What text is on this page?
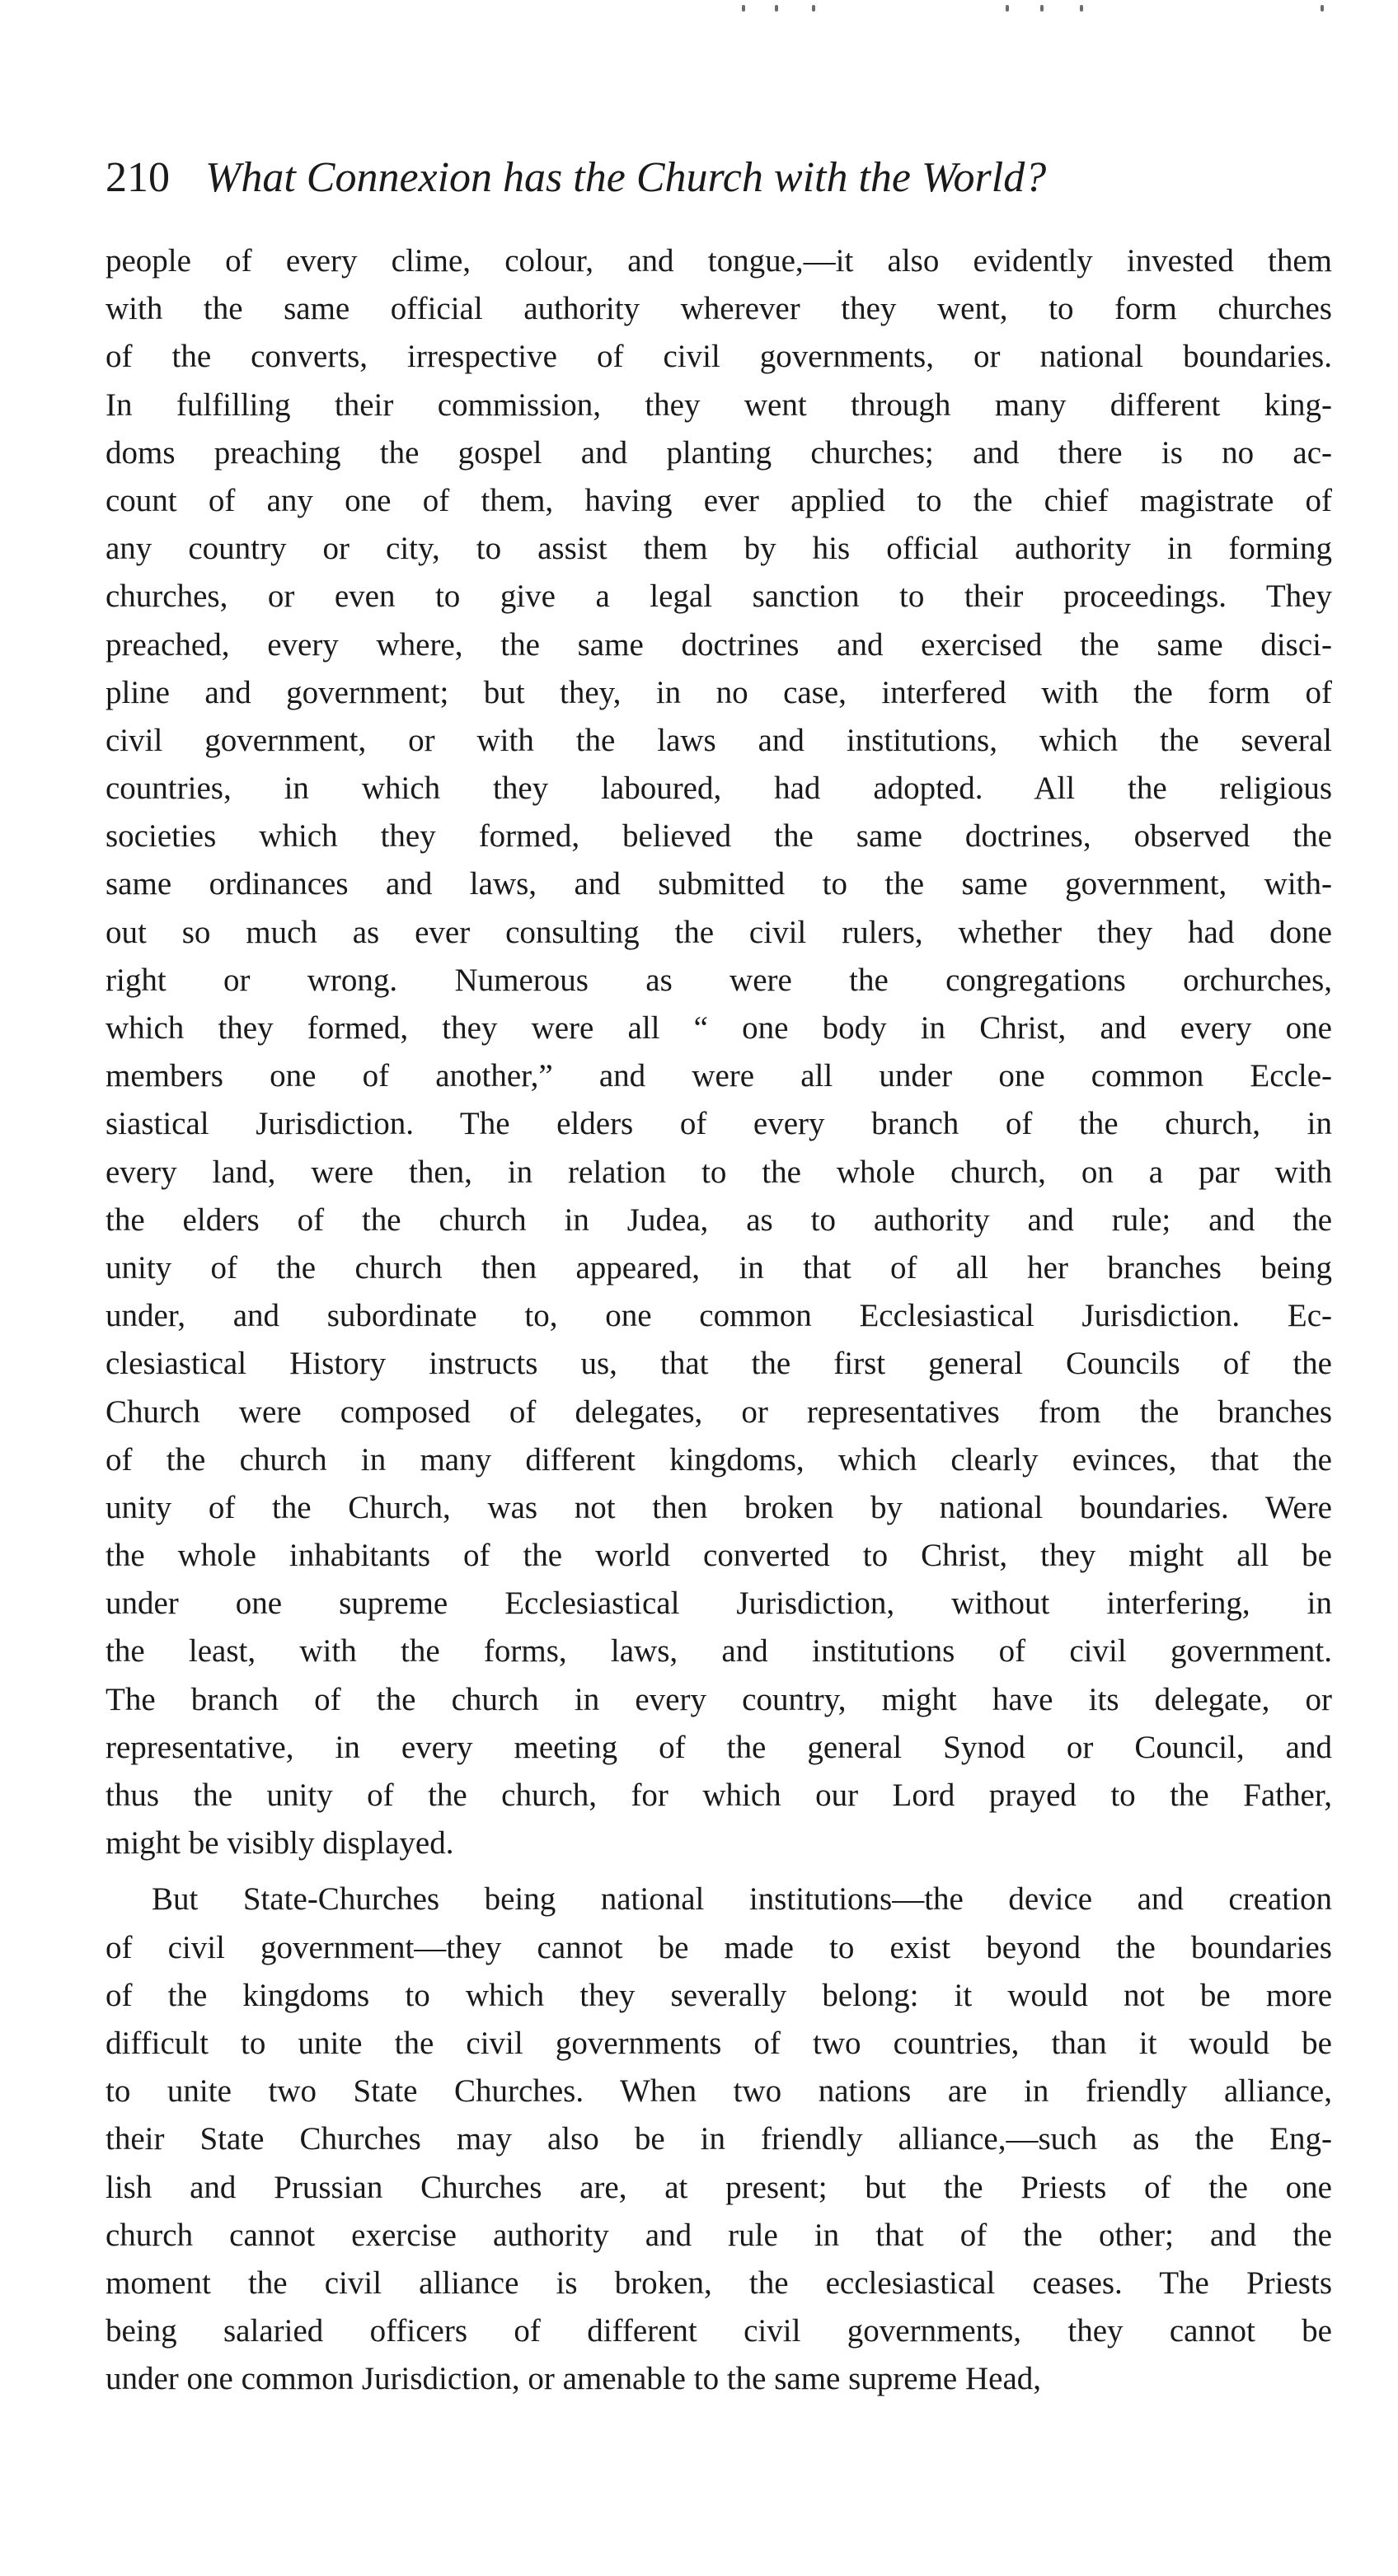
210 What Connexion has the Church with the World?
people of every clime, colour, and tongue,—it also evidently invested them
with the same official authority wherever they went, to form churches
of the converts, irrespective of civil governments, or national boundaries.
In fulfilling their commission, they went through many different king-
doms preaching the gospel and planting churches; and there is no ac-
count of any one of them, having ever applied to the chief magistrate of
any country or city, to assist them by his official authority in forming
churches, or even to give a legal sanction to their proceedings. They
preached, every where, the same doctrines and exercised the same disci-
pline and government; but they, in no case, interfered with the form of
civil government, or with the laws and institutions, which the several
countries, in which they laboured, had adopted. All the religious
societies which they formed, believed the same doctrines, observed the
same ordinances and laws, and submitted to the same government, with-
out so much as ever consulting the civil rulers, whether they had done
right or wrong. Numerous as were the congregations orchurches,
which they formed, they were all “ one body in Christ, and every one
members one of another,” and were all under one common Eccle-
siastical Jurisdiction. The elders of every branch of the church, in
every land, were then, in relation to the whole church, on a par with
the elders of the church in Judea, as to authority and rule; and the
unity of the church then appeared, in that of all her branches being
under, and subordinate to, one common Ecclesiastical Jurisdiction. Ec-
clesiastical History instructs us, that the first general Councils of the
Church were composed of delegates, or representatives from the branches
of the church in many different kingdoms, which clearly evinces, that the
unity of the Church, was not then broken by national boundaries. Were
the whole inhabitants of the world converted to Christ, they might all be
under one supreme Ecclesiastical Jurisdiction, without interfering, in
the least, with the forms, laws, and institutions of civil government.
The branch of the church in every country, might have its delegate, or
representative, in every meeting of the general Synod or Council, and
thus the unity of the church, for which our Lord prayed to the Father,
might be visibly displayed.
But State-Churches being national institutions—the device and creation
of civil government—they cannot be made to exist beyond the boundaries
of the kingdoms to which they severally belong: it would not be more
difficult to unite the civil governments of two countries, than it would be
to unite two State Churches. When two nations are in friendly alliance,
their State Churches may also be in friendly alliance,—such as the Eng-
lish and Prussian Churches are, at present; but the Priests of the one
church cannot exercise authority and rule in that of the other; and the
moment the civil alliance is broken, the ecclesiastical ceases. The Priests
being salaried officers of different civil governments, they cannot be
under one common Jurisdiction, or amenable to the same supreme Head,
